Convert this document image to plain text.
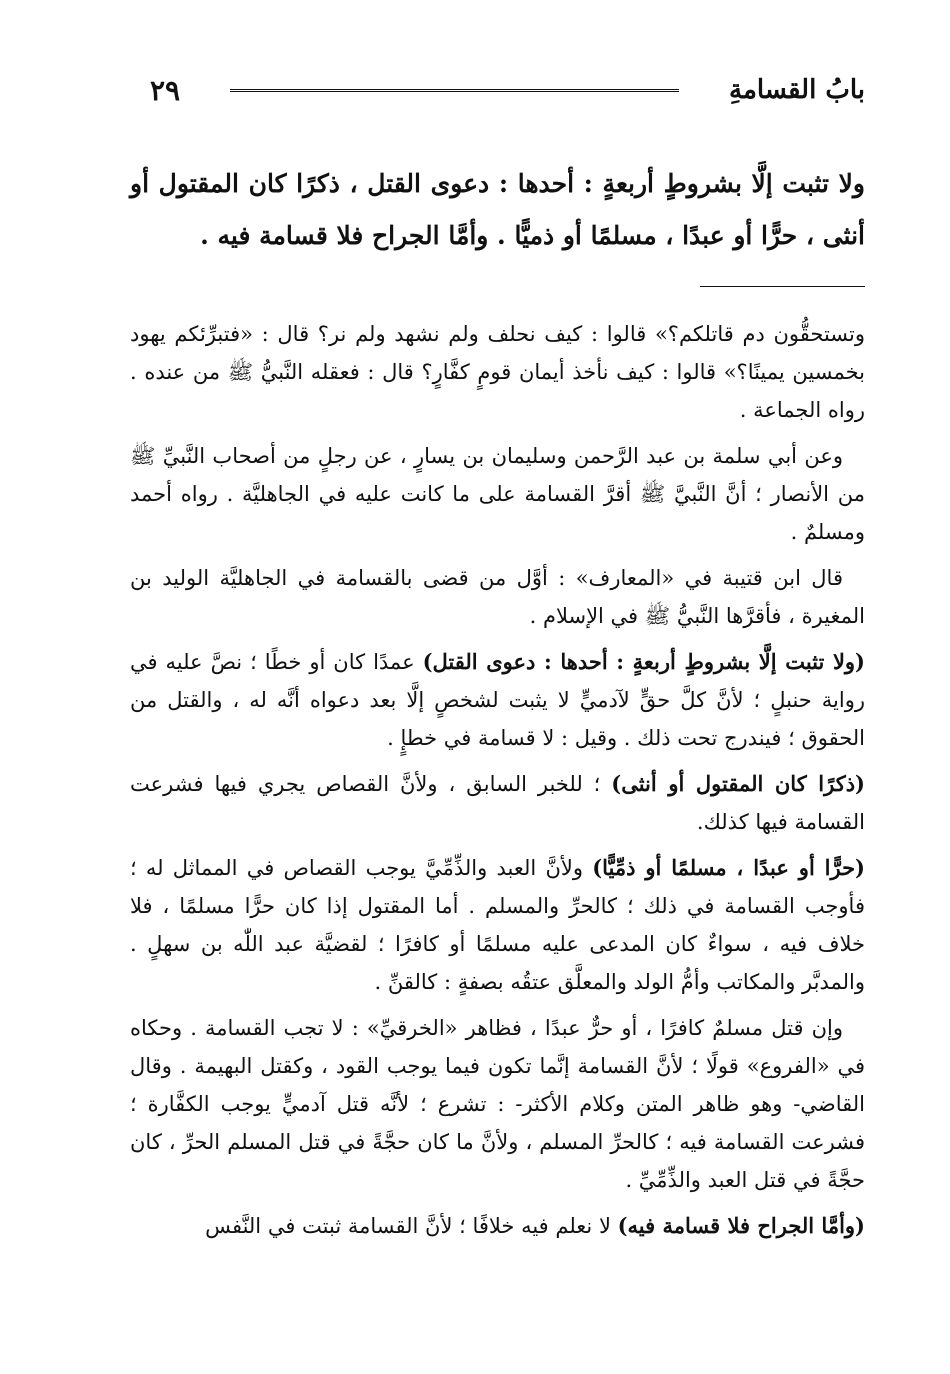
بابُ القسامةِ
٢٩
ولا تثبت إلَّا بشروطٍ أربعةٍ : أحدها : دعوى القتل ، ذكرًا كان المقتول أو أنثى ، حرًّا أو عبدًا ، مسلمًا أو ذميًّا . وأمَّا الجراح فلا قسامة فيه .

وتستحقُّون دم قاتلكم؟» قالوا : كيف نحلف ولم نشهد ولم نر؟ قال : «فتبرِّئكم يهود بخمسين يمينًا؟» قالوا : كيف نأخذ أيمان قومٍ كفَّارٍ؟ قال : فعقله النَّبيُّ ﷺ من عنده . رواه الجماعة .

وعن أبي سلمة بن عبد الرَّحمن وسليمان بن يسارٍ ، عن رجلٍ من أصحاب النَّبيِّ ﷺ من الأنصار ؛ أنَّ النَّبيَّ ﷺ أقرَّ القسامة على ما كانت عليه في الجاهليَّة . رواه أحمد ومسلمٌ .

قال ابن قتيبة في «المعارف» : أوَّل من قضى بالقسامة في الجاهليَّة الوليد بن المغيرة ، فأقرَّها النَّبيُّ ﷺ في الإسلام .

(ولا تثبت إلَّا بشروطٍ أربعةٍ : أحدها : دعوى القتل) عمدًا كان أو خطًا ؛ نصَّ عليه في رواية حنبلٍ ؛ لأنَّ كلَّ حقٍّ لآدميٍّ لا يثبت لشخصٍ إلَّا بعد دعواه أنَّه له ، والقتل من الحقوق ؛ فيندرج تحت ذلك . وقيل : لا قسامة في خطإٍ .

(ذكرًا كان المقتول أو أنثى) ؛ للخبر السابق ، ولأنَّ القصاص يجري فيها فشرعت القسامة فيها كذلك.

(حرًّا أو عبدًا ، مسلمًا أو ذمِّيًّا) ولأنَّ العبد والذِّمِّيَّ يوجب القصاص في المماثل له ؛ فأوجب القسامة في ذلك ؛ كالحرِّ والمسلم . أما المقتول إذا كان حرًّا مسلمًا ، فلا خلاف فيه ، سواءٌ كان المدعى عليه مسلمًا أو كافرًا ؛ لقضيَّة عبد اللّٰه بن سهلٍ . والمدبَّر والمكاتب وأمُّ الولد والمعلَّق عتقُه بصفةٍ : كالقنِّ .

وإن قتل مسلمٌ كافرًا ، أو حرٌّ عبدًا ، فظاهر «الخرقيِّ» : لا تجب القسامة . وحكاه في «الفروع» قولًا ؛ لأنَّ القسامة إنَّما تكون فيما يوجب القود ، وكقتل البهيمة . وقال القاضي- وهو ظاهر المتن وكلام الأكثر- : تشرع ؛ لأنَّه قتل آدميٍّ يوجب الكفَّارة ؛ فشرعت القسامة فيه ؛ كالحرِّ المسلم ، ولأنَّ ما كان حجَّةً في قتل المسلم الحرِّ ، كان حجَّةً في قتل العبد والذِّمِّيِّ .

(وأمَّا الجراح فلا قسامة فيه) لا نعلم فيه خلافًا ؛ لأنَّ القسامة ثبتت في النَّفس
